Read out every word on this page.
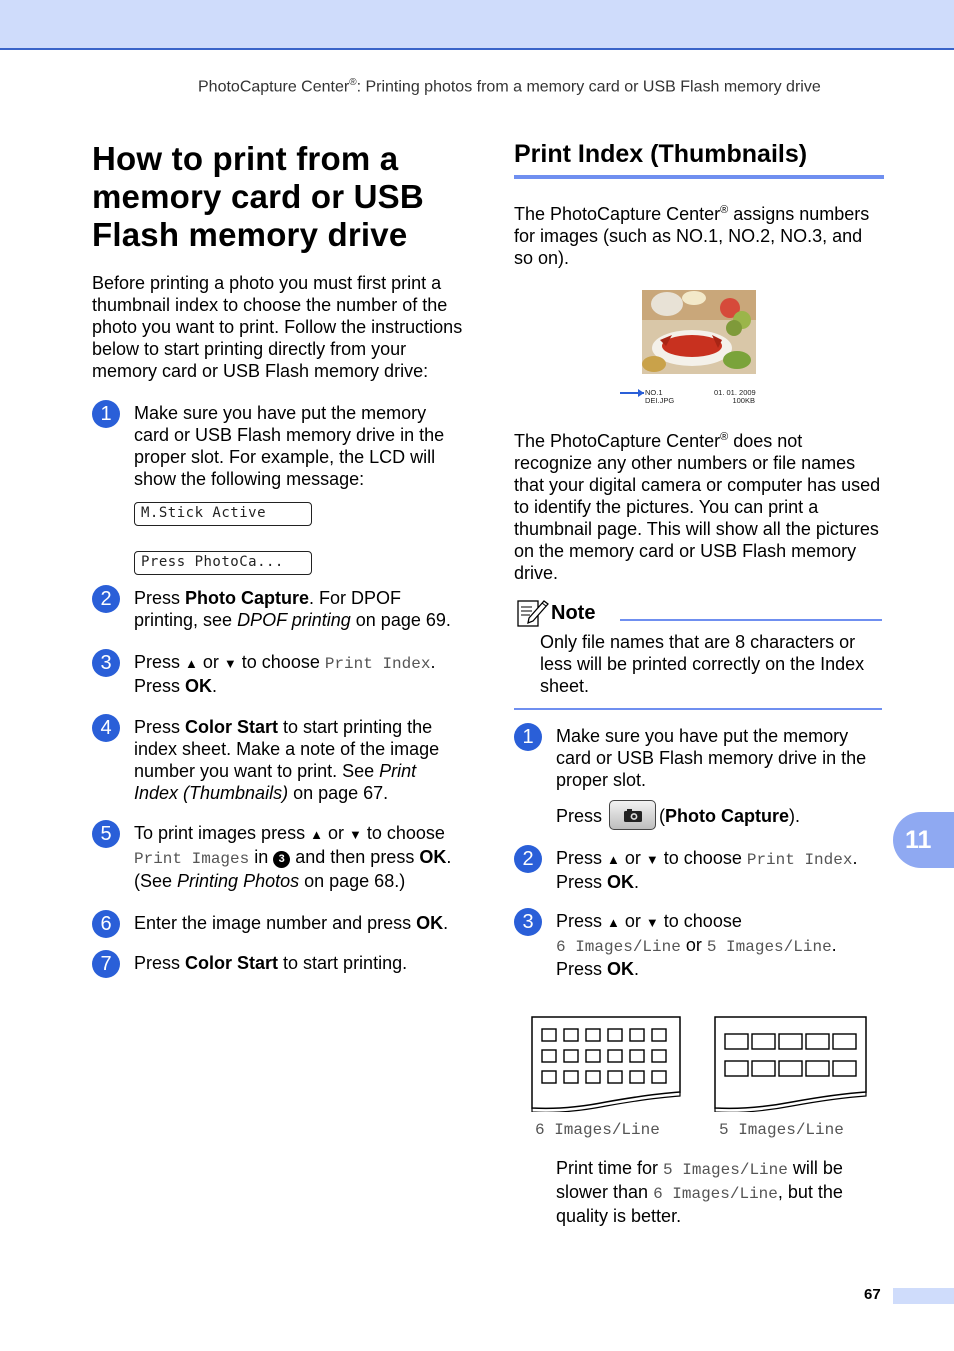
PhotoCapture Center®: Printing photos from a memory card or USB Flash memory drive
How to print from a memory card or USB Flash memory drive

Before printing a photo you must first print a thumbnail index to choose the number of the photo you want to print. Follow the instructions below to start printing directly from your memory card or USB Flash memory drive:

1	Make sure you have put the memory card or USB Flash memory drive in the proper slot. For example, the LCD will show the following message:

M.Stick Active
Press PhotoCa...
2	Press Photo Capture. For DPOF printing, see DPOF printing on page 69.

3	Press ▲ or ▼ to choose Print Index. Press OK.

4	Press Color Start to start printing the index sheet. Make a note of the image number you want to print. See Print Index (Thumbnails) on page 67.

5	To print images press ▲ or ▼ to choose Print Images in 3 and then press OK. (See Printing Photos on page 68.)

6	Enter the image number and press OK.

7	Press Color Start to start printing.

Print Index (Thumbnails)

The PhotoCapture Center® assigns numbers for images (such as NO.1, NO.2, NO.3, and so on).

NO.1
DEI.JPG
01. 01. 2009
100KB

The PhotoCapture Center® does not recognize any other numbers or file names that your digital camera or computer has used to identify the pictures. You can print a thumbnail page. This will show all the pictures on the memory card or USB Flash memory drive.

Note

Only file names that are 8 characters or less will be printed correctly on the Index sheet.

1	Make sure you have put the memory card or USB Flash memory drive in the proper slot.

Press	(Photo Capture).

2	Press ▲ or ▼ to choose Print Index. Press OK.

3	Press ▲ or ▼ to choose
6 Images/Line or 5 Images/Line. Press OK.

6 Images/Line	5 Images/Line

Print time for 5 Images/Line will be slower than 6 Images/Line, but the quality is better.

11
67
